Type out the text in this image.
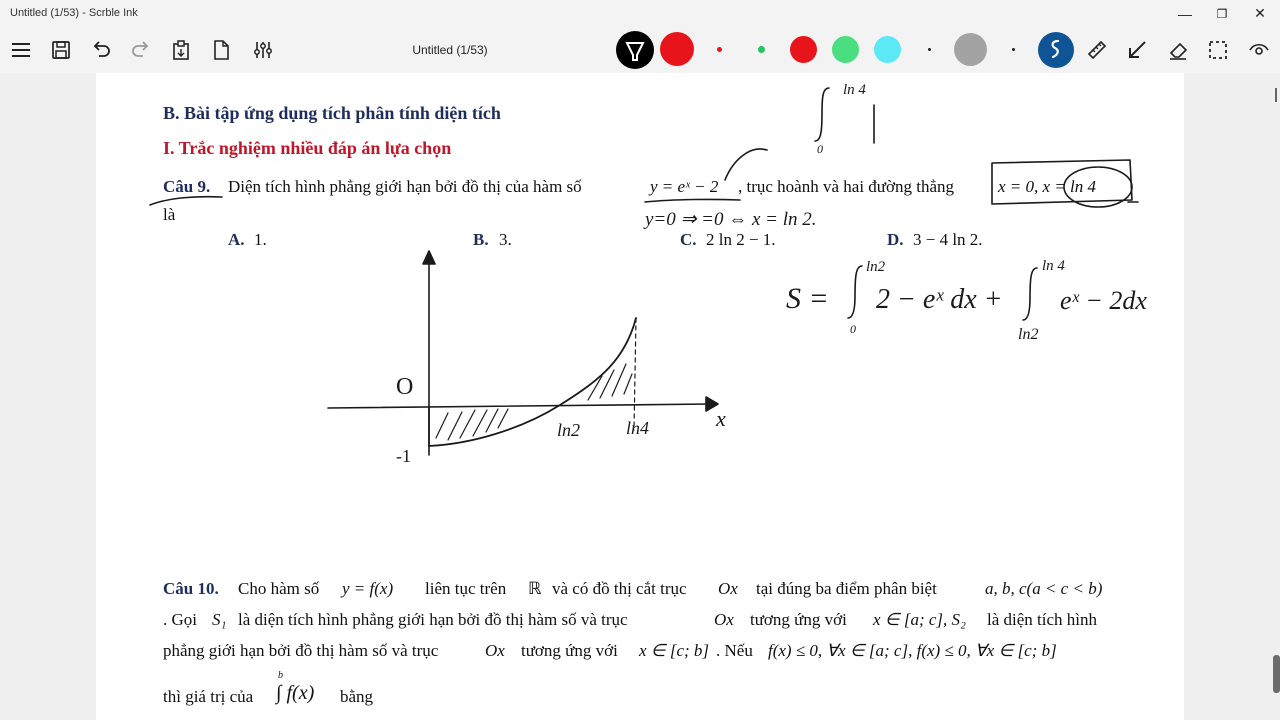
Untitled (1/53) - Scrble Ink	—	❐	✕
Untitled (1/53)
B. Bài tập ứng dụng tích phân tính diện tích
I. Trắc nghiệm nhiều đáp án lựa chọn
Câu 9. Diện tích hình phẳng giới hạn bởi đồ thị của hàm số	y = eˣ − 2 , trục hoành và hai đường thẳng	x = 0, x = ln 4
là
A. 1.	B. 3.	C. 2 ln 2 − 1.	D. 3 − 4 ln 2.
Câu 10. Cho hàm số y = f(x) liên tục trên ℝ và có đồ thị cắt trục Ox tại đúng ba điểm phân biệt	a, b, c(a < c < b)
. Gọi S₁ là diện tích hình phẳng giới hạn bởi đồ thị hàm số và trục	Ox tương ứng với x ∈ [a; c], S₂ là diện tích hình
phẳng giới hạn bởi đồ thị hàm số và trục	Ox tương ứng với x ∈ [c; b] . Nếu f(x) ≤ 0, ∀x ∈ [a; c], f(x) ≤ 0, ∀x ∈ [c; b]
thì giá trị của
b
∫ f(x) bằng
ln 4
0
y=0 ⇒ =0 ⇔ x = ln 2.
S =
ln2
0
2 − eˣ dx +
ln 4
ln2
eˣ − 2dx
O
-1
ln2	ln4	x
